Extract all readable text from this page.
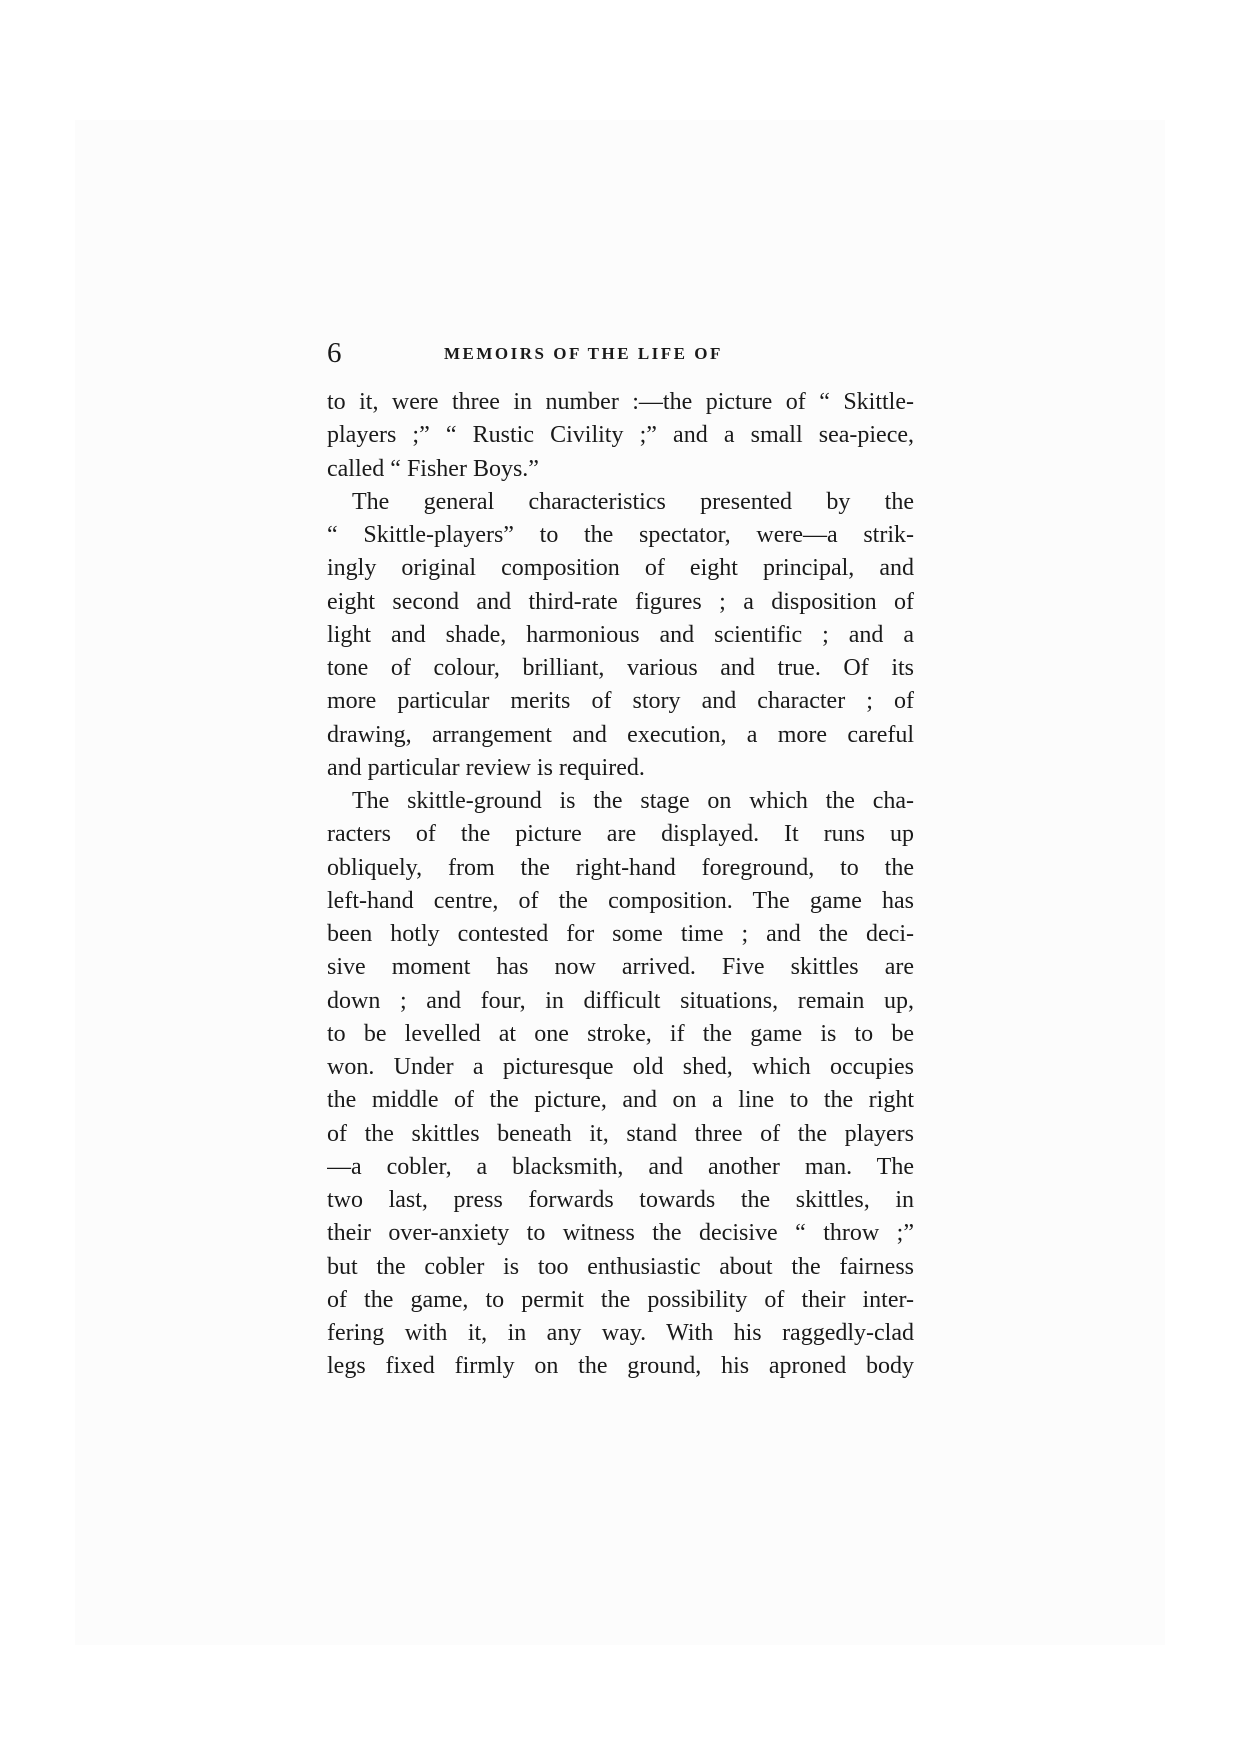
6	MEMOIRS OF THE LIFE OF
to it, were three in number :—the picture of “ Skittle-
players ;” “ Rustic Civility ;” and a small sea-piece,
called “ Fisher Boys.”
The general characteristics presented by the
“ Skittle-players” to the spectator, were—a strik-
ingly original composition of eight principal, and
eight second and third-rate figures ; a disposition of
light and shade, harmonious and scientific ; and a
tone of colour, brilliant, various and true. Of its
more particular merits of story and character ; of
drawing, arrangement and execution, a more careful
and particular review is required.
The skittle-ground is the stage on which the cha-
racters of the picture are displayed. It runs up
obliquely, from the right-hand foreground, to the
left-hand centre, of the composition. The game has
been hotly contested for some time ; and the deci-
sive moment has now arrived. Five skittles are
down ; and four, in difficult situations, remain up,
to be levelled at one stroke, if the game is to be
won. Under a picturesque old shed, which occupies
the middle of the picture, and on a line to the right
of the skittles beneath it, stand three of the players
—a cobler, a blacksmith, and another man. The
two last, press forwards towards the skittles, in
their over-anxiety to witness the decisive “ throw ;”
but the cobler is too enthusiastic about the fairness
of the game, to permit the possibility of their inter-
fering with it, in any way. With his raggedly-clad
legs fixed firmly on the ground, his aproned body
